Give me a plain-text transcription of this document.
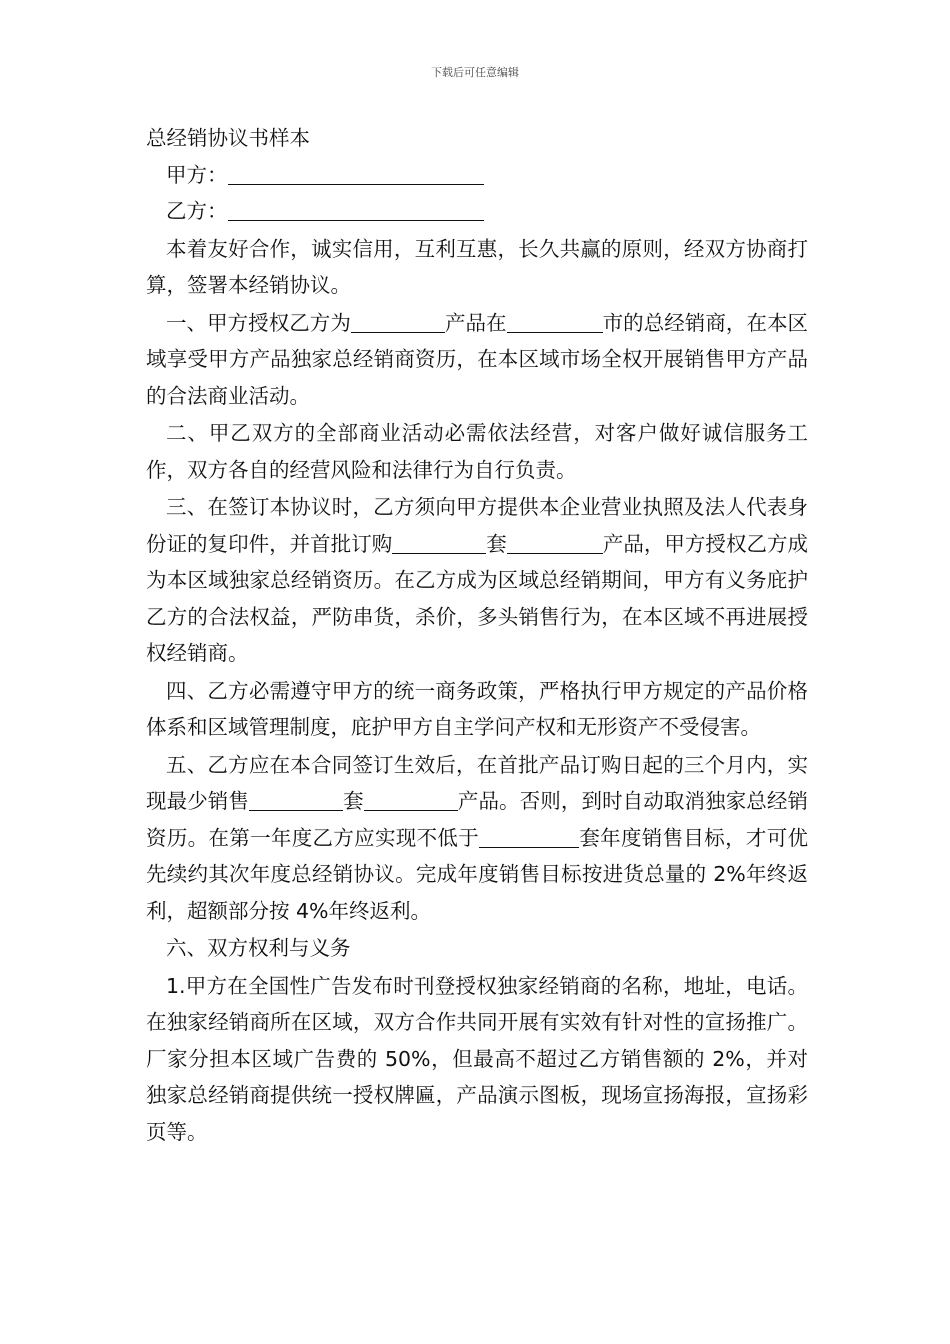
下载后可任意编辑

总经销协议书样本

甲方：

乙方：

本着友好合作，诚实信用，互利互惠，长久共赢的原则，经双方协商打算，签署本经销协议。

一、甲方授权乙方为	产品在	市的总经销商，在本区域享受甲方产品独家总经销商资历，在本区域市场全权开展销售甲方产品的合法商业活动。

二、甲乙双方的全部商业活动必需依法经营，对客户做好诚信服务工作，双方各自的经营风险和法律行为自行负责。

三、在签订本协议时，乙方须向甲方提供本企业营业执照及法人代表身份证的复印件，并首批订购	套	产品，甲方授权乙方成为本区域独家总经销资历。在乙方成为区域总经销期间，甲方有义务庇护乙方的合法权益，严防串货，杀价，多头销售行为，在本区域不再进展授权经销商。

四、乙方必需遵守甲方的统一商务政策，严格执行甲方规定的产品价格体系和区域管理制度，庇护甲方自主学问产权和无形资产不受侵害。

五、乙方应在本合同签订生效后，在首批产品订购日起的三个月内，实现最少销售	套	产品。否则，到时自动取消独家总经销资历。在第一年度乙方应实现不低于	套年度销售目标，才可优先续约其次年度总经销协议。完成年度销售目标按进货总量的 2%年终返利，超额部分按 4%年终返利。

六、双方权利与义务

1.甲方在全国性广告发布时刊登授权独家经销商的名称，地址，电话。在独家经销商所在区域，双方合作共同开展有实效有针对性的宣扬推广。厂家分担本区域广告费的 50%，但最高不超过乙方销售额的 2%，并对独家总经销商提供统一授权牌匾，产品演示图板，现场宣扬海报，宣扬彩页等。
